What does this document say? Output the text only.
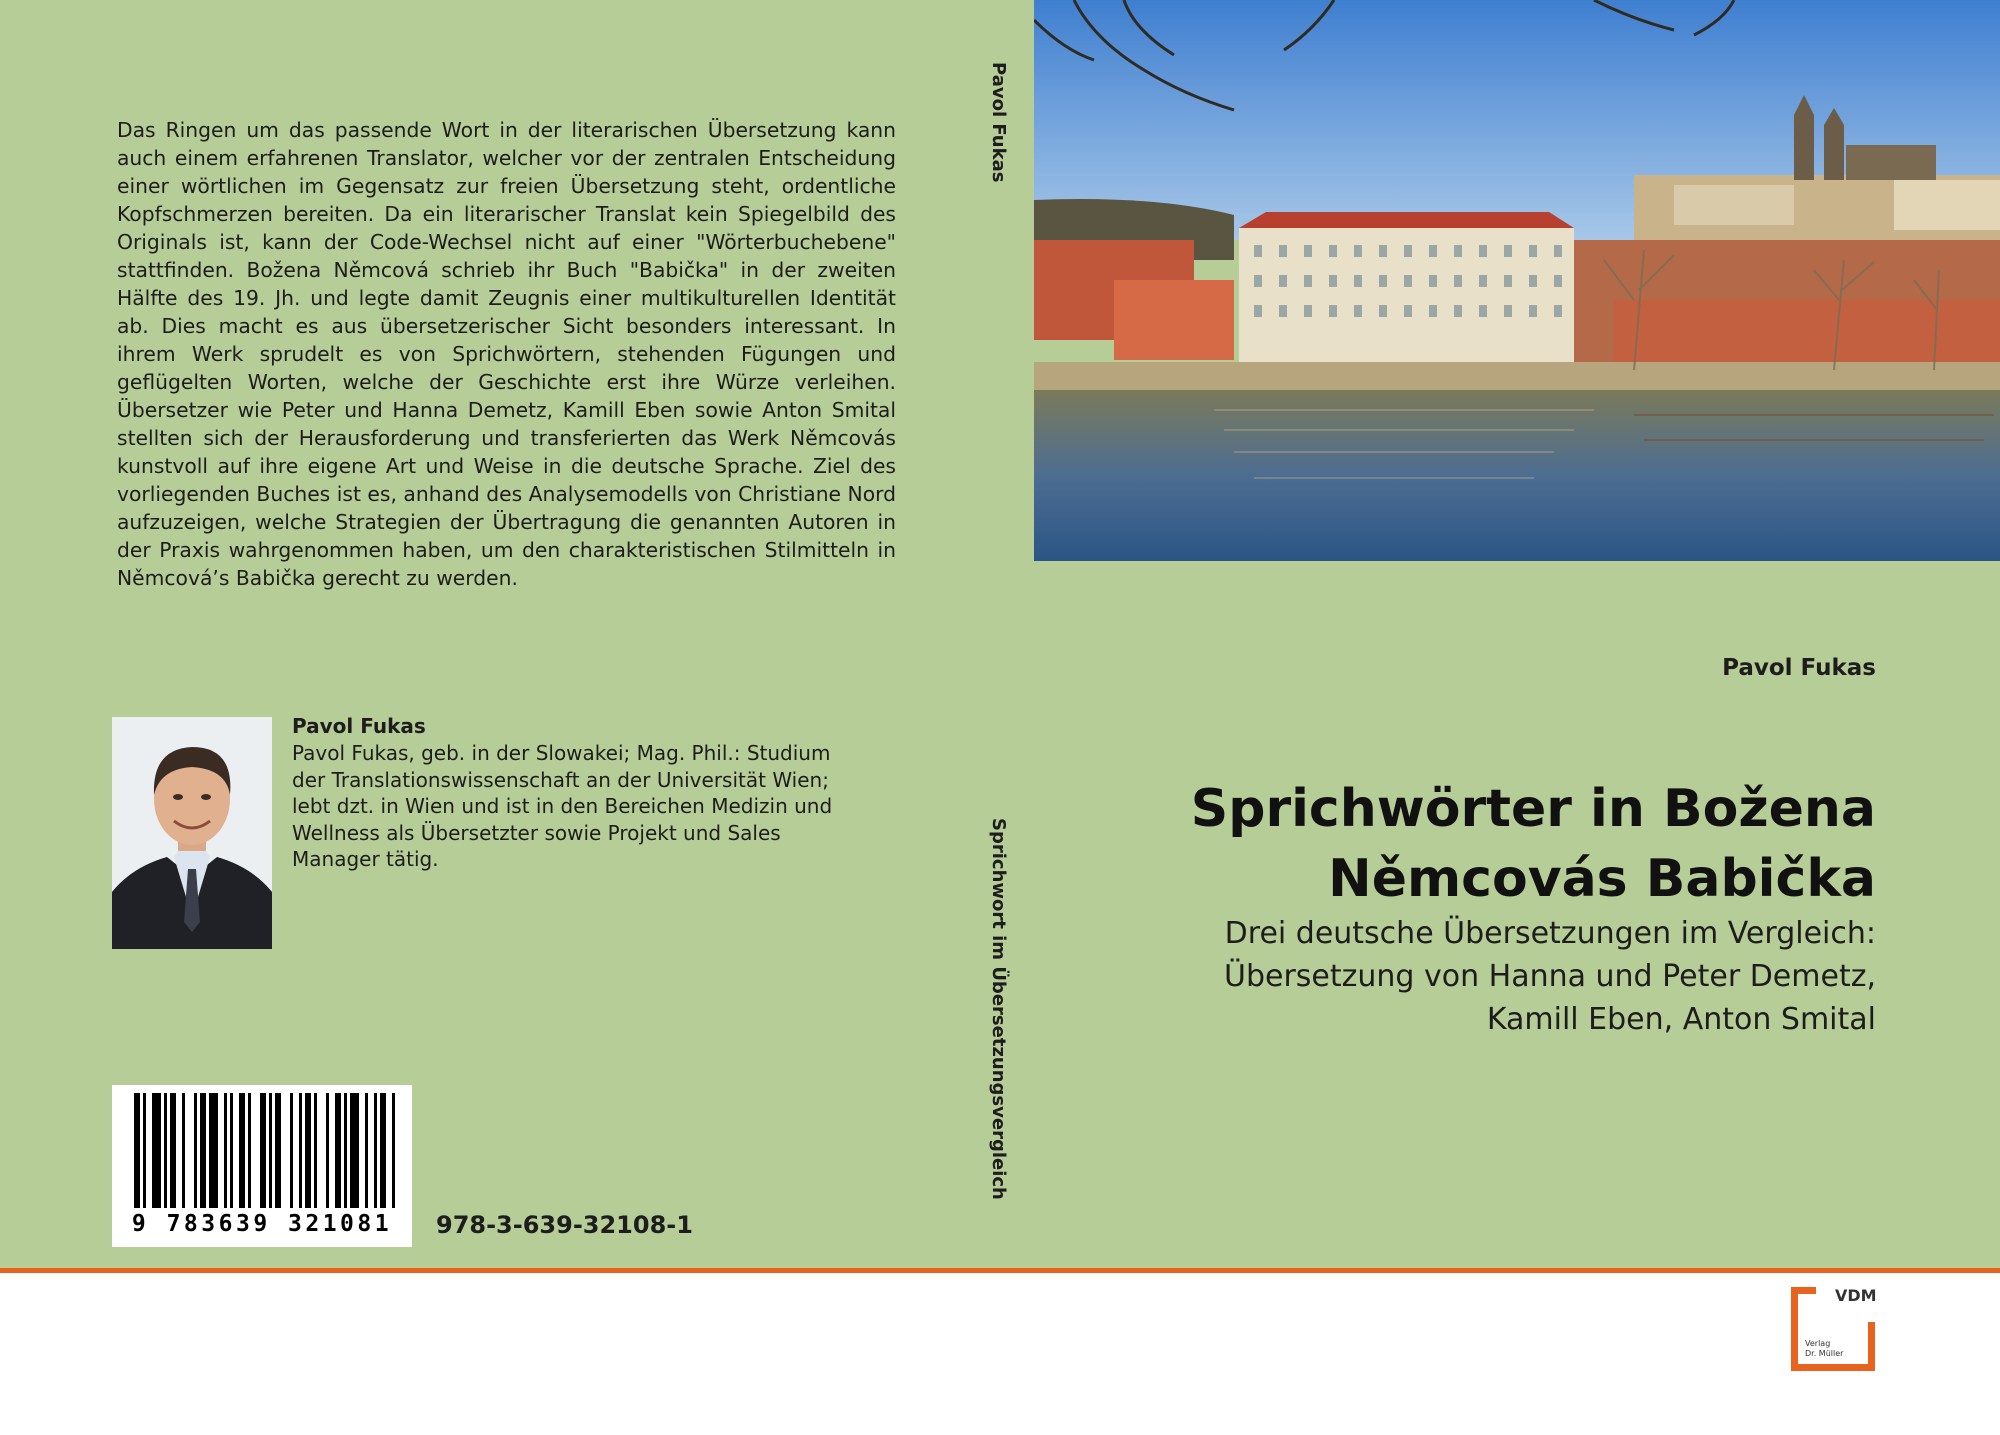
Das Ringen um das passende Wort in der literarischen Übersetzung kann auch einem erfahrenen Translator, welcher vor der zentralen Entscheidung einer wörtlichen im Gegensatz zur freien Übersetzung steht, ordentliche Kopfschmerzen bereiten. Da ein literarischer Translat kein Spiegelbild des Originals ist, kann der Code-Wechsel nicht auf einer "Wörterbuchebene" stattfinden. Božena Němcová schrieb ihr Buch "Babička" in der zweiten Hälfte des 19. Jh. und legte damit Zeugnis einer multikulturellen Identität ab. Dies macht es aus übersetzerischer Sicht besonders interessant. In ihrem Werk sprudelt es von Sprichwörtern, stehenden Fügungen und geflügelten Worten, welche der Geschichte erst ihre Würze verleihen. Übersetzer wie Peter und Hanna Demetz, Kamill Eben sowie Anton Smital stellten sich der Herausforderung und transferierten das Werk Němcovás kunstvoll auf ihre eigene Art und Weise in die deutsche Sprache. Ziel des vorliegenden Buches ist es, anhand des Analysemodells von Christiane Nord aufzuzeigen, welche Strategien der Übertragung die genannten Autoren in der Praxis wahrgenommen haben, um den charakteristischen Stilmitteln in Němcová’s Babička gerecht zu werden.

Pavol Fukas
Pavol Fukas, geb. in der Slowakei; Mag. Phil.: Studium der Translationswissenschaft an der Universität Wien; lebt dzt. in Wien und ist in den Bereichen Medizin und Wellness als Übersetzter sowie Projekt und Sales Manager tätig.
9 783639 321081	978-3-639-32108-1
Pavol Fukas
Sprichwort im Übersetzungsvergleich
Pavol Fukas
Sprichwörter in Božena
Němcovás Babička
Drei deutsche Übersetzungen im Vergleich:
Übersetzung von Hanna und Peter Demetz,
Kamill Eben, Anton Smital
VDM
Verlag
Dr. Müller
